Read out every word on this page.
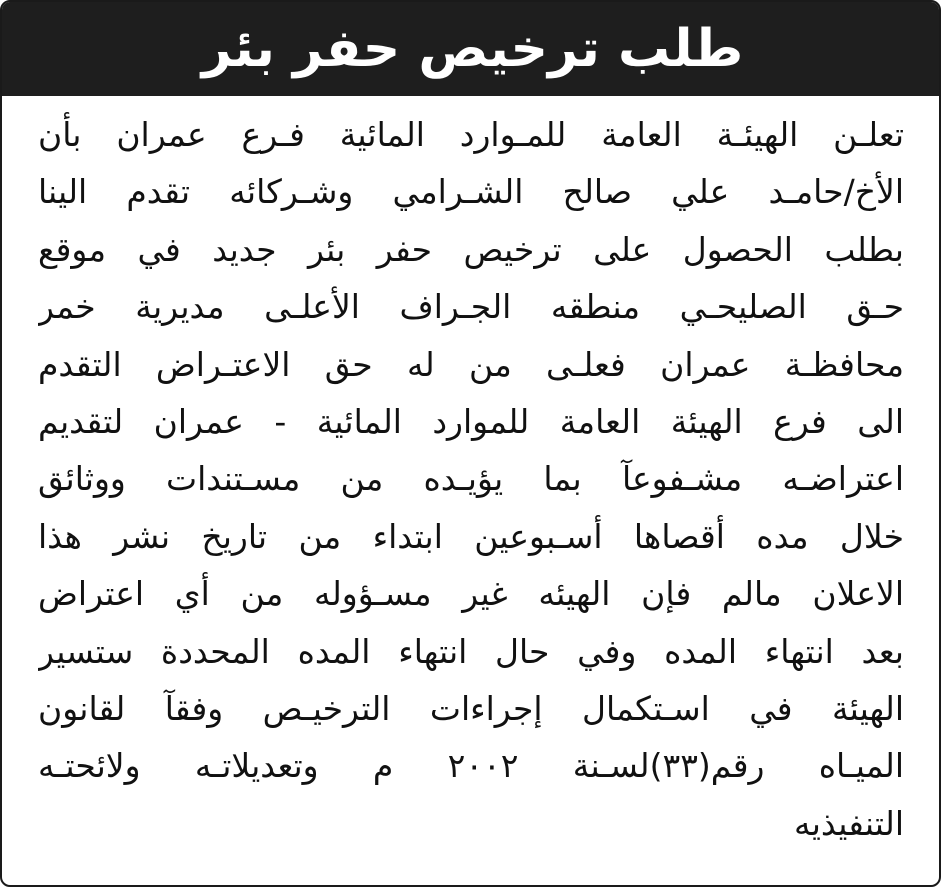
طلب ترخيص حفر بئر
تعلـن الهيئـة العامة للمـوارد المائية فـرع عمران بأن
الأخ/حامـد علي صالح الشـرامي وشـركائه تقدم الينا
بطلب الحصول على ترخيص حفر بئر جديد في موقع
حـق الصليحـي منطقه الجـراف الأعلـى مديرية خمر
محافظـة عمران فعلـى من له حق الاعتـراض التقدم
الى فرع الهيئة العامة للموارد المائية - عمران لتقديم
اعتراضـه مشـفوعآ بما يؤيـده من مسـتندات ووثائق
خلال مده أقصاها أسـبوعين ابتداء من تاريخ نشر هذا
الاعلان مالم فإن الهيئه غير مسـؤوله من أي اعتراض
بعد انتهاء المده وفي حال انتهاء المده المحددة ستسير
الهيئة في اسـتكمال إجراءات الترخيـص وفقآ لقانون
الميـاه رقم(٣٣)لسـنة ٢٠٠٢ م وتعديلاتـه ولائحتـه
التنفيذيه
